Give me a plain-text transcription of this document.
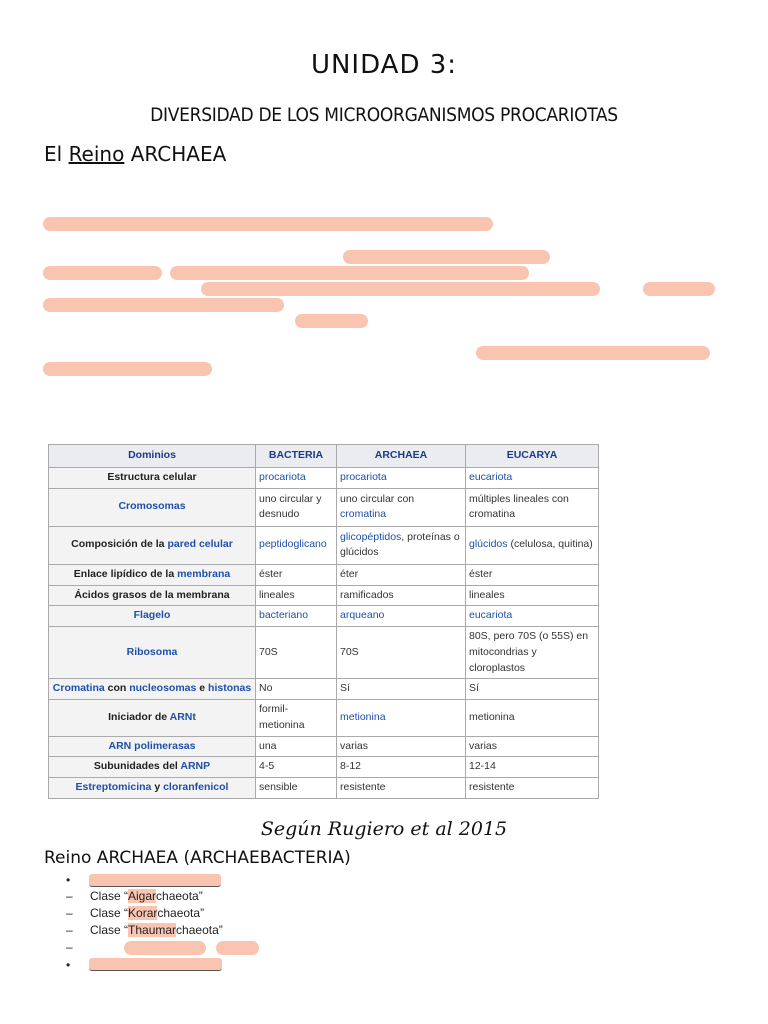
UNIDAD 3:
DIVERSIDAD DE LOS MICROORGANISMOS PROCARIOTAS
El Reino ARCHAEA
Dominios	BACTERIA	ARCHAEA	EUCARYA
Estructura celular	procariota	procariota	eucariota
Cromosomas	uno circular y desnudo	uno circular con cromatina	múltiples lineales con cromatina
Composición de la pared celular	peptidoglicano	glicopéptidos, proteínas o glúcidos	glúcidos (celulosa, quitina)
Enlace lipídico de la membrana	éster	éter	éster
Ácidos grasos de la membrana	lineales	ramificados	lineales
Flagelo	bacteriano	arqueano	eucariota
Ribosoma	70S	70S	80S, pero 70S (o 55S) en mitocondrias y cloroplastos
Cromatina con nucleosomas e histonas	No	Sí	Sí
Iniciador de ARNt	formil-metionina	metionina	metionina
ARN polimerasas	una	varias	varias
Subunidades del ARNP	4-5	8-12	12-14
Estreptomicina y cloranfenicol	sensible	resistente	resistente
Según Rugiero et al 2015
Reino ARCHAEA (ARCHAEBACTERIA)
•
– Clase “Aigarchaeota”
– Clase “Korarchaeota”
– Clase “Thaumarchaeota”
–
•
